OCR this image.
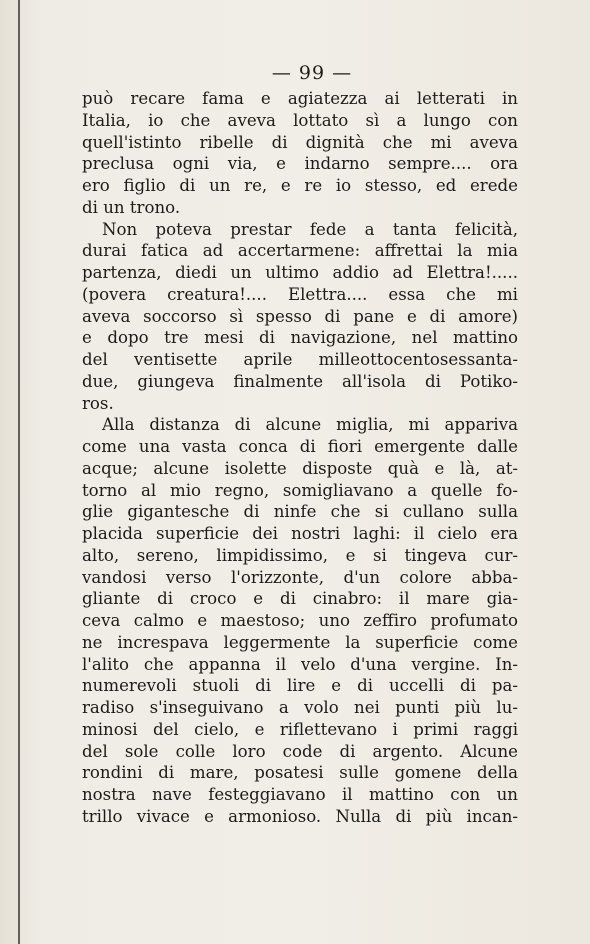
— 99 —
può recare fama e agiatezza ai letterati in
Italia, io che aveva lottato sì a lungo con
quell'istinto ribelle di dignità che mi aveva
preclusa ogni via, e indarno sempre.... ora
ero figlio di un re, e re io stesso, ed erede
di un trono.
Non poteva prestar fede a tanta felicità,
durai fatica ad accertarmene: affrettai la mia
partenza, diedi un ultimo addio ad Elettra!.....
(povera creatura!.... Elettra.... essa che mi
aveva soccorso sì spesso di pane e di amore)
e dopo tre mesi di navigazione, nel mattino
del ventisette aprile milleottocentosessanta-
due, giungeva finalmente all'isola di Potiko-
ros.
Alla distanza di alcune miglia, mi appariva
come una vasta conca di fiori emergente dalle
acque; alcune isolette disposte quà e là, at-
torno al mio regno, somigliavano a quelle fo-
glie gigantesche di ninfe che si cullano sulla
placida superficie dei nostri laghi: il cielo era
alto, sereno, limpidissimo, e si tingeva cur-
vandosi verso l'orizzonte, d'un colore abba-
gliante di croco e di cinabro: il mare gia-
ceva calmo e maestoso; uno zeffiro profumato
ne increspava leggermente la superficie come
l'alito che appanna il velo d'una vergine. In-
numerevoli stuoli di lire e di uccelli di pa-
radiso s'inseguivano a volo nei punti più lu-
minosi del cielo, e riflettevano i primi raggi
del sole colle loro code di argento. Alcune
rondini di mare, posatesi sulle gomene della
nostra nave festeggiavano il mattino con un
trillo vivace e armonioso. Nulla di più incan-
